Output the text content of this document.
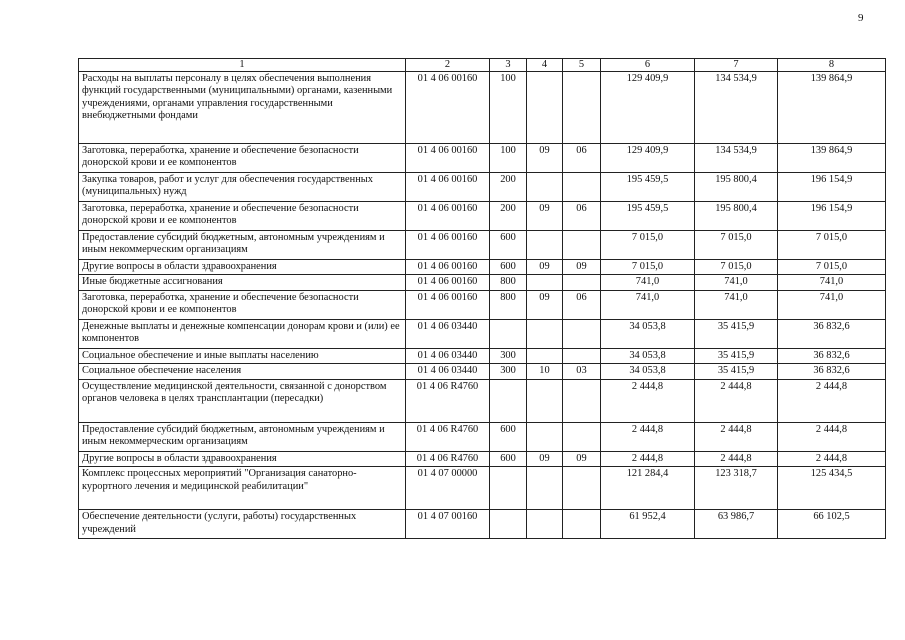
9
1	2	3	4	5	6	7	8
Расходы на выплаты персоналу в целях обеспечения выполнения функций государственными (муниципальными) органами, казенными учреждениями, органами управления государственными внебюджетными фондами	01 4 06 00160	100			129 409,9	134 534,9	139 864,9
Заготовка, переработка, хранение и обеспечение безопасности донорской крови и ее компонентов	01 4 06 00160	100	09	06	129 409,9	134 534,9	139 864,9
Закупка товаров, работ и услуг для обеспечения государственных (муниципальных) нужд	01 4 06 00160	200			195 459,5	195 800,4	196 154,9
Заготовка, переработка, хранение и обеспечение безопасности донорской крови и ее компонентов	01 4 06 00160	200	09	06	195 459,5	195 800,4	196 154,9
Предоставление субсидий бюджетным, автономным учреждениям и иным некоммерческим организациям	01 4 06 00160	600			7 015,0	7 015,0	7 015,0
Другие вопросы в области здравоохранения	01 4 06 00160	600	09	09	7 015,0	7 015,0	7 015,0
Иные бюджетные ассигнования	01 4 06 00160	800			741,0	741,0	741,0
Заготовка, переработка, хранение и обеспечение безопасности донорской крови и ее компонентов	01 4 06 00160	800	09	06	741,0	741,0	741,0
Денежные выплаты и денежные компенсации донорам крови и (или) ее компонентов	01 4 06 03440				34 053,8	35 415,9	36 832,6
Социальное обеспечение и иные выплаты населению	01 4 06 03440	300			34 053,8	35 415,9	36 832,6
Социальное обеспечение населения	01 4 06 03440	300	10	03	34 053,8	35 415,9	36 832,6
Осуществление медицинской деятельности, связанной с донорством органов человека в целях трансплантации (пересадки)	01 4 06 R4760				2 444,8	2 444,8	2 444,8
Предоставление субсидий бюджетным, автономным учреждениям и иным некоммерческим организациям	01 4 06 R4760	600			2 444,8	2 444,8	2 444,8
Другие вопросы в области здравоохранения	01 4 06 R4760	600	09	09	2 444,8	2 444,8	2 444,8
Комплекс процессных мероприятий "Организация санаторно-курортного лечения и медицинской реабилитации"	01 4 07 00000				121 284,4	123 318,7	125 434,5
Обеспечение деятельности (услуги, работы) государственных учреждений	01 4 07 00160				61 952,4	63 986,7	66 102,5
